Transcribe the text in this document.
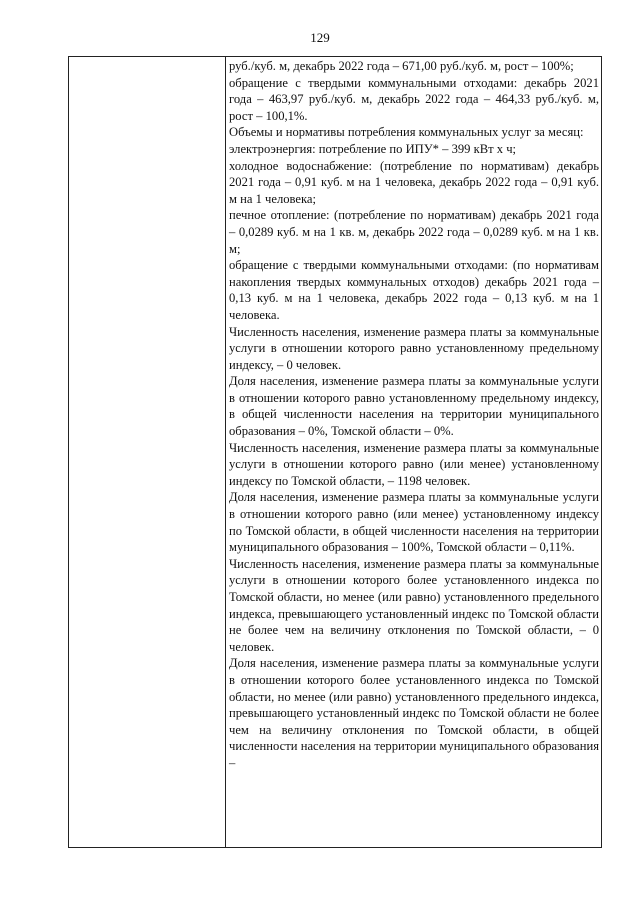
129

руб./куб. м, декабрь 2022 года – 671,00 руб./куб. м, рост – 100%;

обращение с твердыми коммунальными отходами: декабрь 2021 года – 463,97 руб./куб. м, декабрь 2022 года – 464,33 руб./куб. м, рост – 100,1%.

Объемы и нормативы потребления коммунальных услуг за месяц:

электроэнергия: потребление по ИПУ* – 399 кВт х ч;

холодное водоснабжение: (потребление по нормативам) декабрь 2021 года – 0,91 куб. м на 1 человека, декабрь 2022 года – 0,91 куб. м на 1 человека;

печное отопление: (потребление по нормативам) декабрь 2021 года – 0,0289 куб. м на 1 кв. м, декабрь 2022 года – 0,0289 куб. м на 1 кв. м;

обращение с твердыми коммунальными отходами: (по нормативам накопления твердых коммунальных отходов) декабрь 2021 года – 0,13 куб. м на 1 человека, декабрь 2022 года – 0,13 куб. м на 1 человека.

Численность населения, изменение размера платы за коммунальные услуги в отношении которого равно установленному предельному индексу, – 0 человек.

Доля населения, изменение размера платы за коммунальные услуги в отношении которого равно установленному предельному индексу, в общей численности населения на территории муниципального образования – 0%, Томской области – 0%.

Численность населения, изменение размера платы за коммунальные услуги в отношении которого равно (или менее) установленному индексу по Томской области, – 1198 человек.

Доля населения, изменение размера платы за коммунальные услуги в отношении которого равно (или менее) установленному индексу по Томской области, в общей численности населения на территории муниципального образования – 100%, Томской области – 0,11%.

Численность населения, изменение размера платы за коммунальные услуги в отношении которого более установленного индекса по Томской области, но менее (или равно) установленного предельного индекса, превышающего установленный индекс по Томской области не более чем на величину отклонения по Томской области, – 0 человек.

Доля населения, изменение размера платы за коммунальные услуги в отношении которого более установленного индекса по Томской области, но менее (или равно) установленного предельного индекса, превышающего установленный индекс по Томской области не более чем на величину отклонения по Томской области, в общей численности населения на территории муниципального образования –
